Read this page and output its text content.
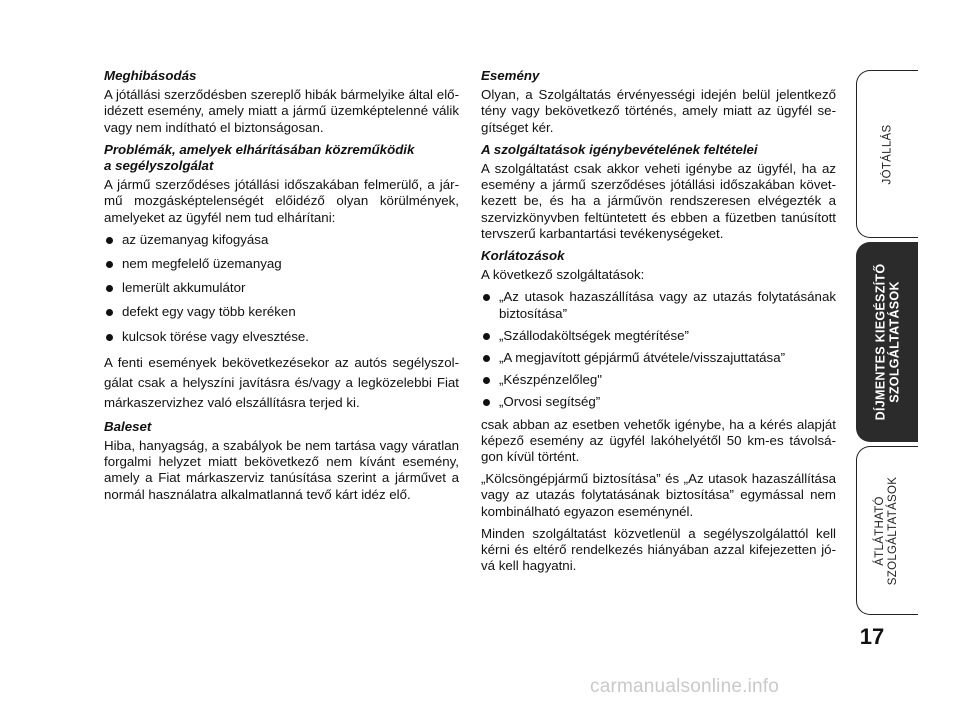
Meghibásodás

A jótállási szerződésben szereplő hibák bármelyike által előidézett esemény, amely miatt a jármű üzemképtelenné válik vagy nem indítható el biztonságosan.

Problémák, amelyek elhárításában közreműködik
a segélyszolgálat

A jármű szerződéses jótállási időszakában felmerülő, a jármű mozgásképtelenségét előidéző olyan körülmények, amelyeket az ügyfél nem tud elhárítani:

az üzemanyag kifogyása
nem megfelelő üzemanyag
lemerült akkumulátor
defekt egy vagy több keréken
kulcsok törése vagy elvesztése.

A fenti események bekövetkezésekor az autós segélyszolgálat csak a helyszíni javításra és/vagy a legközelebbi Fiat márkaszervizhez való elszállításra terjed ki.

Baleset

Hiba, hanyagság, a szabályok be nem tartása vagy váratlan forgalmi helyzet miatt bekövetkező nem kívánt esemény, amely a Fiat márkaszerviz tanúsítása szerint a járművet a normál használatra alkalmatlanná tevő kárt idéz elő.

Esemény

Olyan, a Szolgáltatás érvényességi idején belül jelentkező tény vagy bekövetkező történés, amely miatt az ügyfél segítséget kér.

A szolgáltatások igénybevételének feltételei

A szolgáltatást csak akkor veheti igénybe az ügyfél, ha az esemény a jármű szerződéses jótállási időszakában következett be, és ha a járművön rendszeresen elvégezték a szervizkönyvben feltüntetett és ebben a füzetben tanúsított tervszerű karbantartási tevékenységeket.

Korlátozások

A következő szolgáltatások:

„Az utasok hazaszállítása vagy az utazás folytatásának biztosítása”
„Szállodaköltségek megtérítése”
„A megjavított gépjármű átvétele/visszajuttatása”
„Készpénzelőleg"
„Orvosi segítség”

csak abban az esetben vehetők igénybe, ha a kérés alapját képező esemény az ügyfél lakóhelyétől 50 km-es távolságon kívül történt.

„Kölcsöngépjármű biztosítása” és „Az utasok hazaszállítása vagy az utazás folytatásának biztosítása” egymással nem kombinálható egyazon eseménynél.

Minden szolgáltatást közvetlenül a segélyszolgálattól kell kérni és eltérő rendelkezés hiányában azzal kifejezetten jóvá kell hagyatni.

JÓTÁLLÁS
DÍJMENTES KIEGÉSZÍTŐ SZOLGÁLTATÁSOK
ÁTLÁTHATÓ SZOLGÁLTATÁSOK
17
carmanualsonline.info
